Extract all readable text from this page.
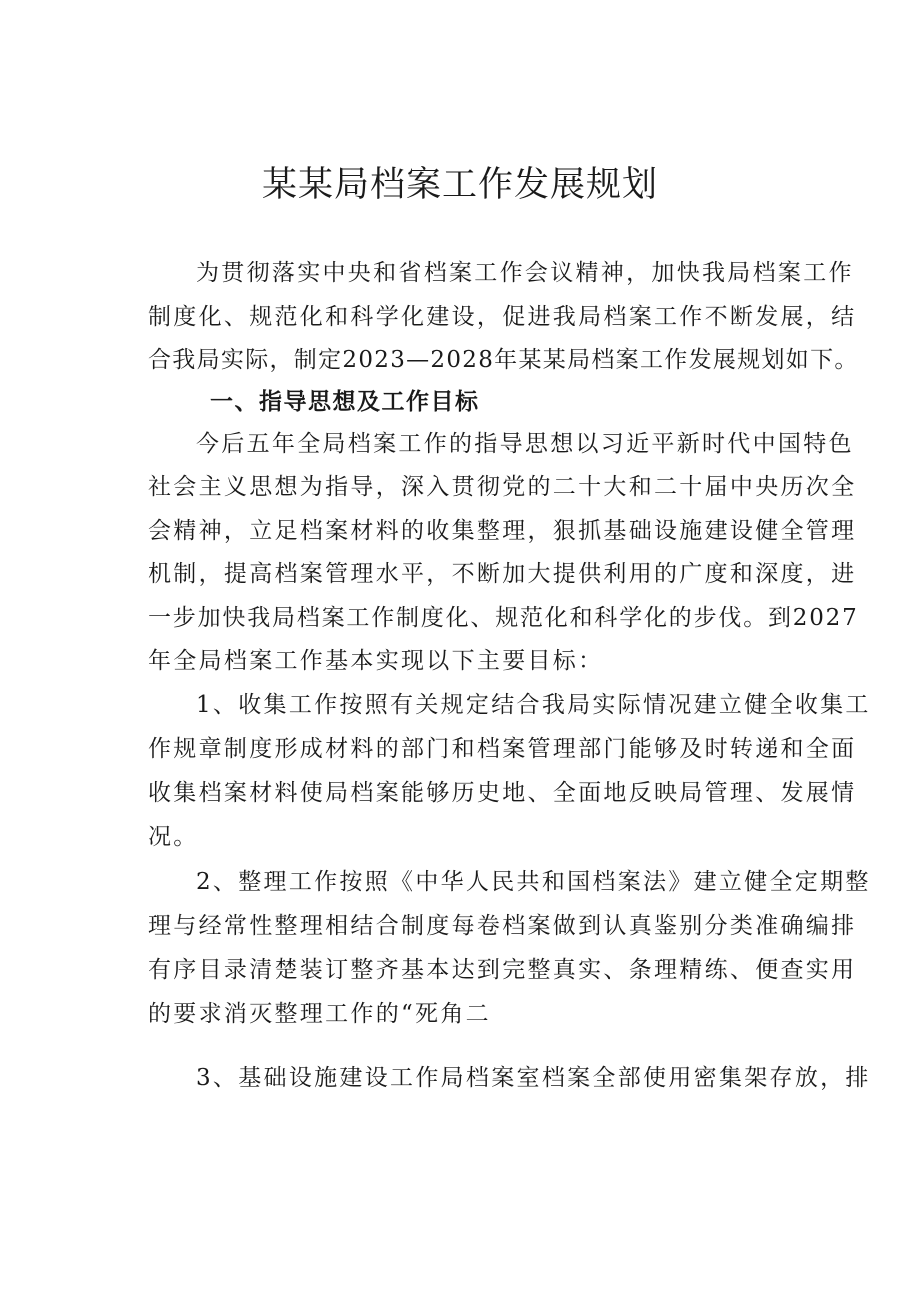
某某局档案工作发展规划
为贯彻落实中央和省档案工作会议精神，加快我局档案工作
制度化、规范化和科学化建设，促进我局档案工作不断发展，结
合我局实际，制定2023—2028年某某局档案工作发展规划如下。
一、指导思想及工作目标
今后五年全局档案工作的指导思想以习近平新时代中国特色
社会主义思想为指导，深入贯彻党的二十大和二十届中央历次全
会精神，立足档案材料的收集整理，狠抓基础设施建设健全管理
机制，提高档案管理水平，不断加大提供利用的广度和深度，进
一步加快我局档案工作制度化、规范化和科学化的步伐。到2027
年全局档案工作基本实现以下主要目标：
1、收集工作按照有关规定结合我局实际情况建立健全收集工
作规章制度形成材料的部门和档案管理部门能够及时转递和全面
收集档案材料使局档案能够历史地、全面地反映局管理、发展情
况。
2、整理工作按照《中华人民共和国档案法》建立健全定期整
理与经常性整理相结合制度每卷档案做到认真鉴别分类准确编排
有序目录清楚装订整齐基本达到完整真实、条理精练、便查实用
的要求消灭整理工作的“死角二
3、基础设施建设工作局档案室档案全部使用密集架存放，排
